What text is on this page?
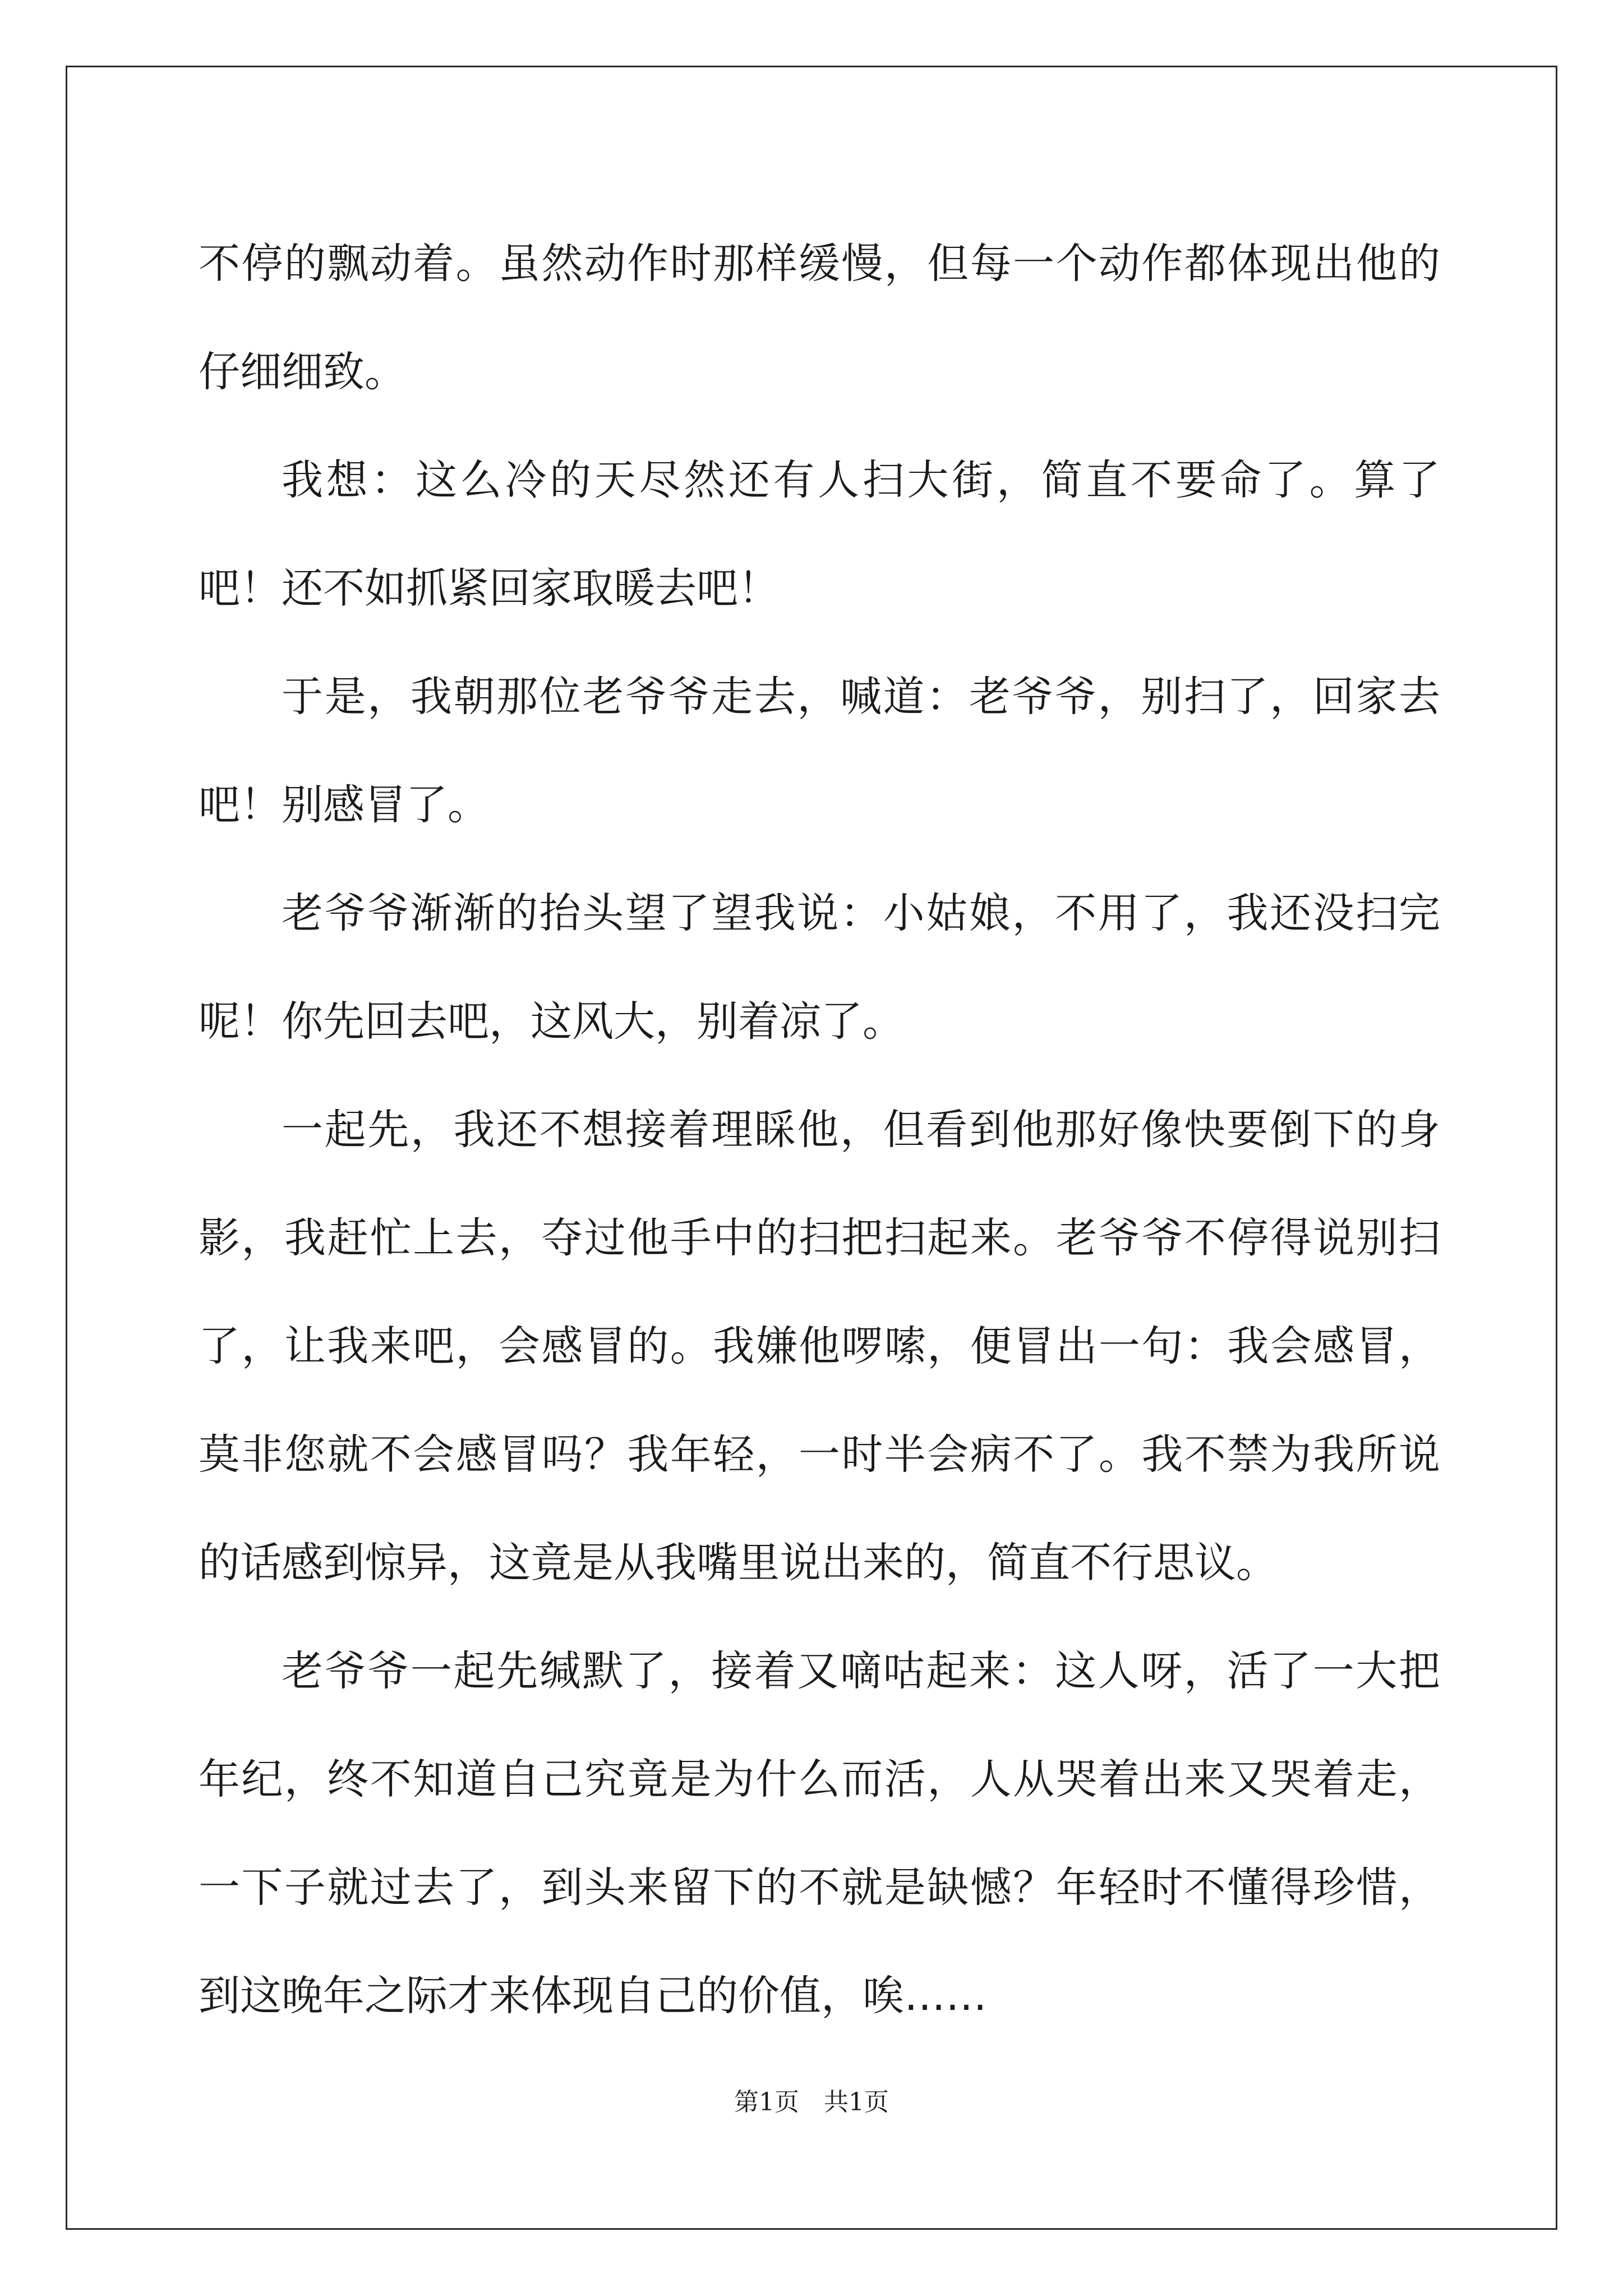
不停的飘动着。虽然动作时那样缓慢，但每一个动作都体现出他的仔细细致。

我想：这么冷的天尽然还有人扫大街，简直不要命了。算了吧！还不如抓紧回家取暖去吧！

于是，我朝那位老爷爷走去，喊道：老爷爷，别扫了，回家去吧！别感冒了。

老爷爷渐渐的抬头望了望我说：小姑娘，不用了，我还没扫完呢！你先回去吧，这风大，别着凉了。

一起先，我还不想接着理睬他，但看到他那好像快要倒下的身影，我赶忙上去，夺过他手中的扫把扫起来。老爷爷不停得说别扫了，让我来吧，会感冒的。我嫌他啰嗦，便冒出一句：我会感冒，莫非您就不会感冒吗？我年轻，一时半会病不了。我不禁为我所说的话感到惊异，这竟是从我嘴里说出来的，简直不行思议。

老爷爷一起先缄默了，接着又嘀咕起来：这人呀，活了一大把年纪，终不知道自己究竟是为什么而活，人从哭着出来又哭着走，一下子就过去了，到头来留下的不就是缺憾？年轻时不懂得珍惜，到这晚年之际才来体现自己的价值，唉……

第1页 共1页
